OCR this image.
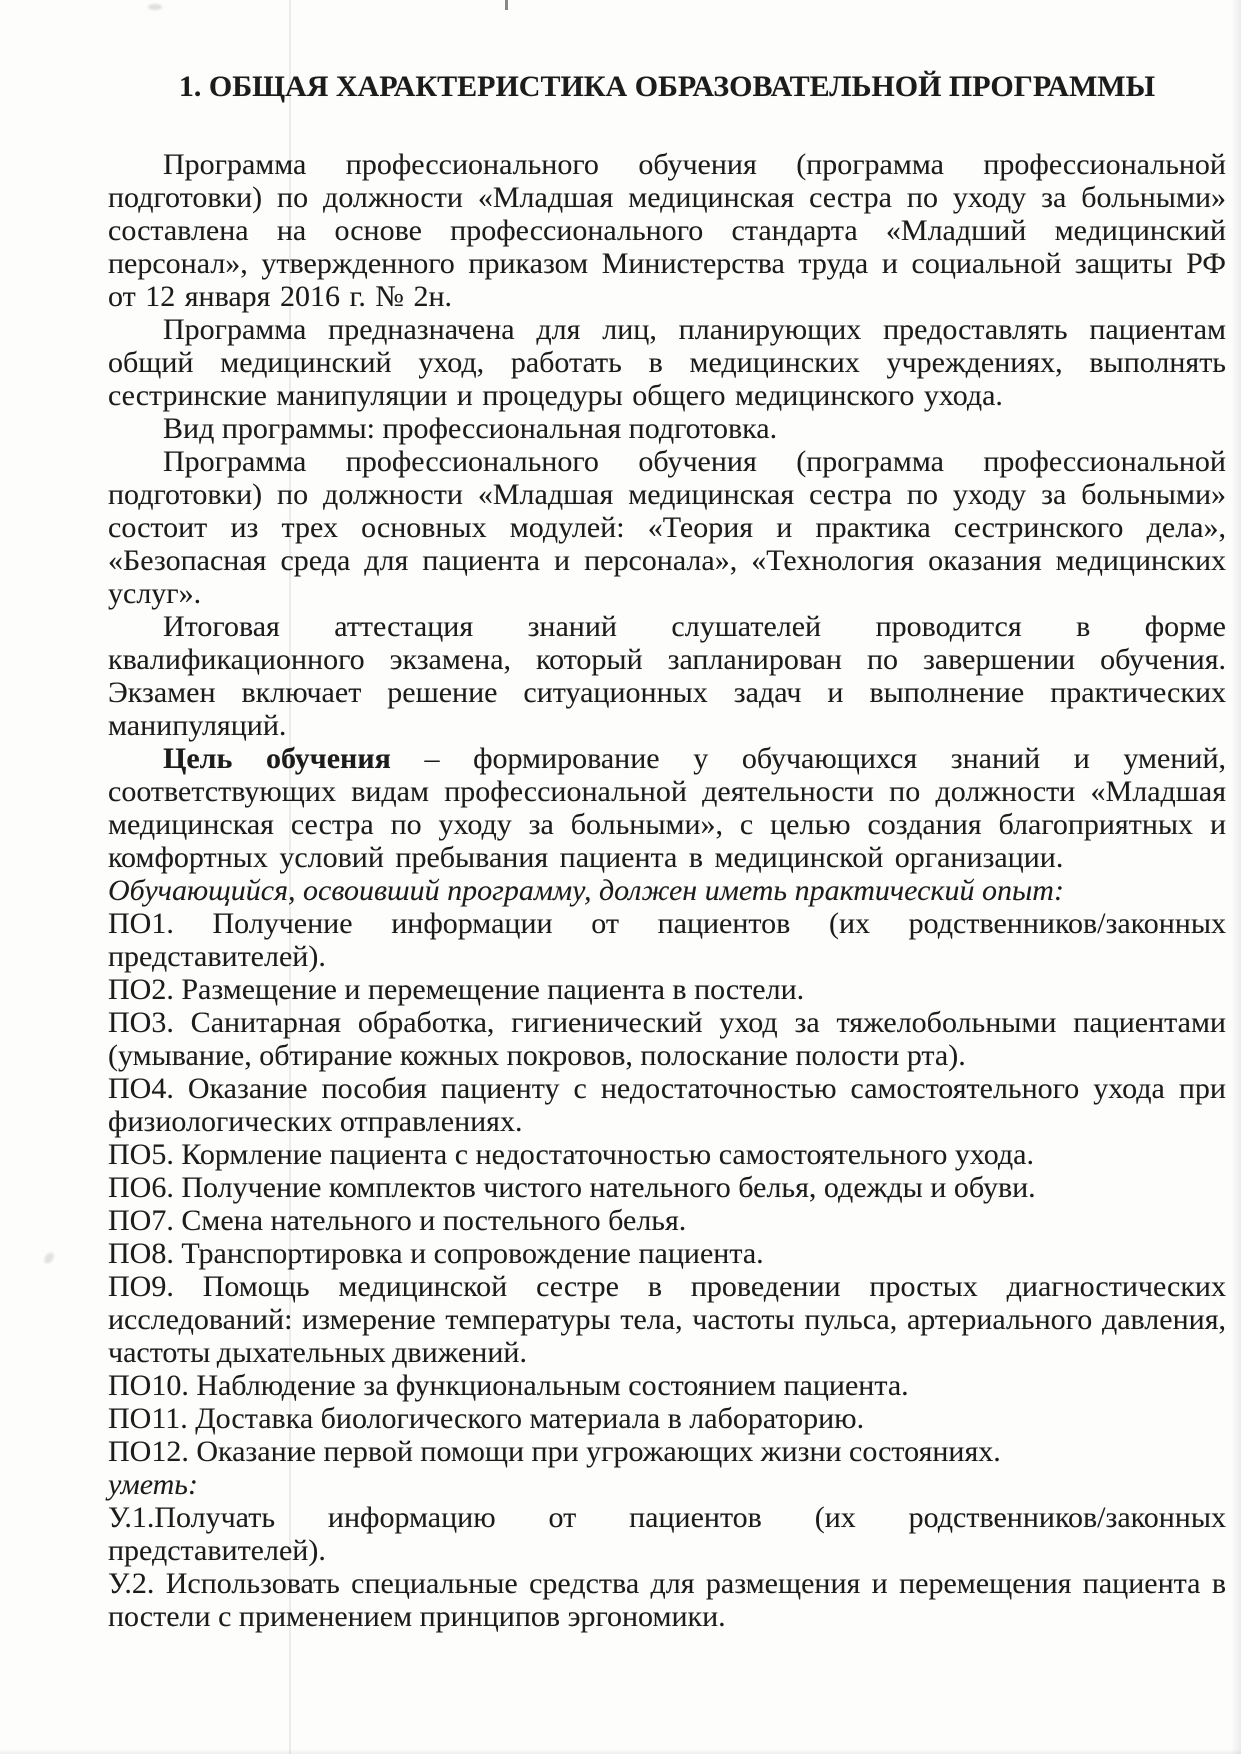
1. ОБЩАЯ ХАРАКТЕРИСТИКА ОБРАЗОВАТЕЛЬНОЙ ПРОГРАММЫ

Программа профессионального обучения (программа профессиональной подготовки) по должности «Младшая медицинская сестра по уходу за больными» составлена на основе профессионального стандарта «Младший медицинский персонал», утвержденного приказом Министерства труда и социальной защиты РФ от 12 января 2016 г. № 2н.

Программа предназначена для лиц, планирующих предоставлять пациентам общий медицинский уход, работать в медицинских учреждениях, выполнять сестринские манипуляции и процедуры общего медицинского ухода.

Вид программы: профессиональная подготовка.

Программа профессионального обучения (программа профессиональной подготовки) по должности «Младшая медицинская сестра по уходу за больными» состоит из трех основных модулей: «Теория и практика сестринского дела», «Безопасная среда для пациента и персонала», «Технология оказания медицинских услуг».

Итоговая аттестация знаний слушателей проводится в форме квалификационного экзамена, который запланирован по завершении обучения. Экзамен включает решение ситуационных задач и выполнение практических манипуляций.

Цель обучения – формирование у обучающихся знаний и умений, соответствующих видам профессиональной деятельности по должности «Младшая медицинская сестра по уходу за больными», с целью создания благоприятных и комфортных условий пребывания пациента в медицинской организации.

Обучающийся, освоивший программу, должен иметь практический опыт:

ПО1. Получение информации от пациентов (их родственников/законных представителей).

ПО2. Размещение и перемещение пациента в постели.

ПО3. Санитарная обработка, гигиенический уход за тяжелобольными пациентами (умывание, обтирание кожных покровов, полоскание полости рта).

ПО4. Оказание пособия пациенту с недостаточностью самостоятельного ухода при физиологических отправлениях.

ПО5. Кормление пациента с недостаточностью самостоятельного ухода.

ПО6. Получение комплектов чистого нательного белья, одежды и обуви.

ПО7. Смена нательного и постельного белья.

ПО8. Транспортировка и сопровождение пациента.

ПО9. Помощь медицинской сестре в проведении простых диагностических исследований: измерение температуры тела, частоты пульса, артериального давления, частоты дыхательных движений.

ПО10. Наблюдение за функциональным состоянием пациента.

ПО11. Доставка биологического материала в лабораторию.

ПО12. Оказание первой помощи при угрожающих жизни состояниях.

уметь:

У.1.Получать информацию от пациентов (их родственников/законных представителей).

У.2. Использовать специальные средства для размещения и перемещения пациента в постели с применением принципов эргономики.
